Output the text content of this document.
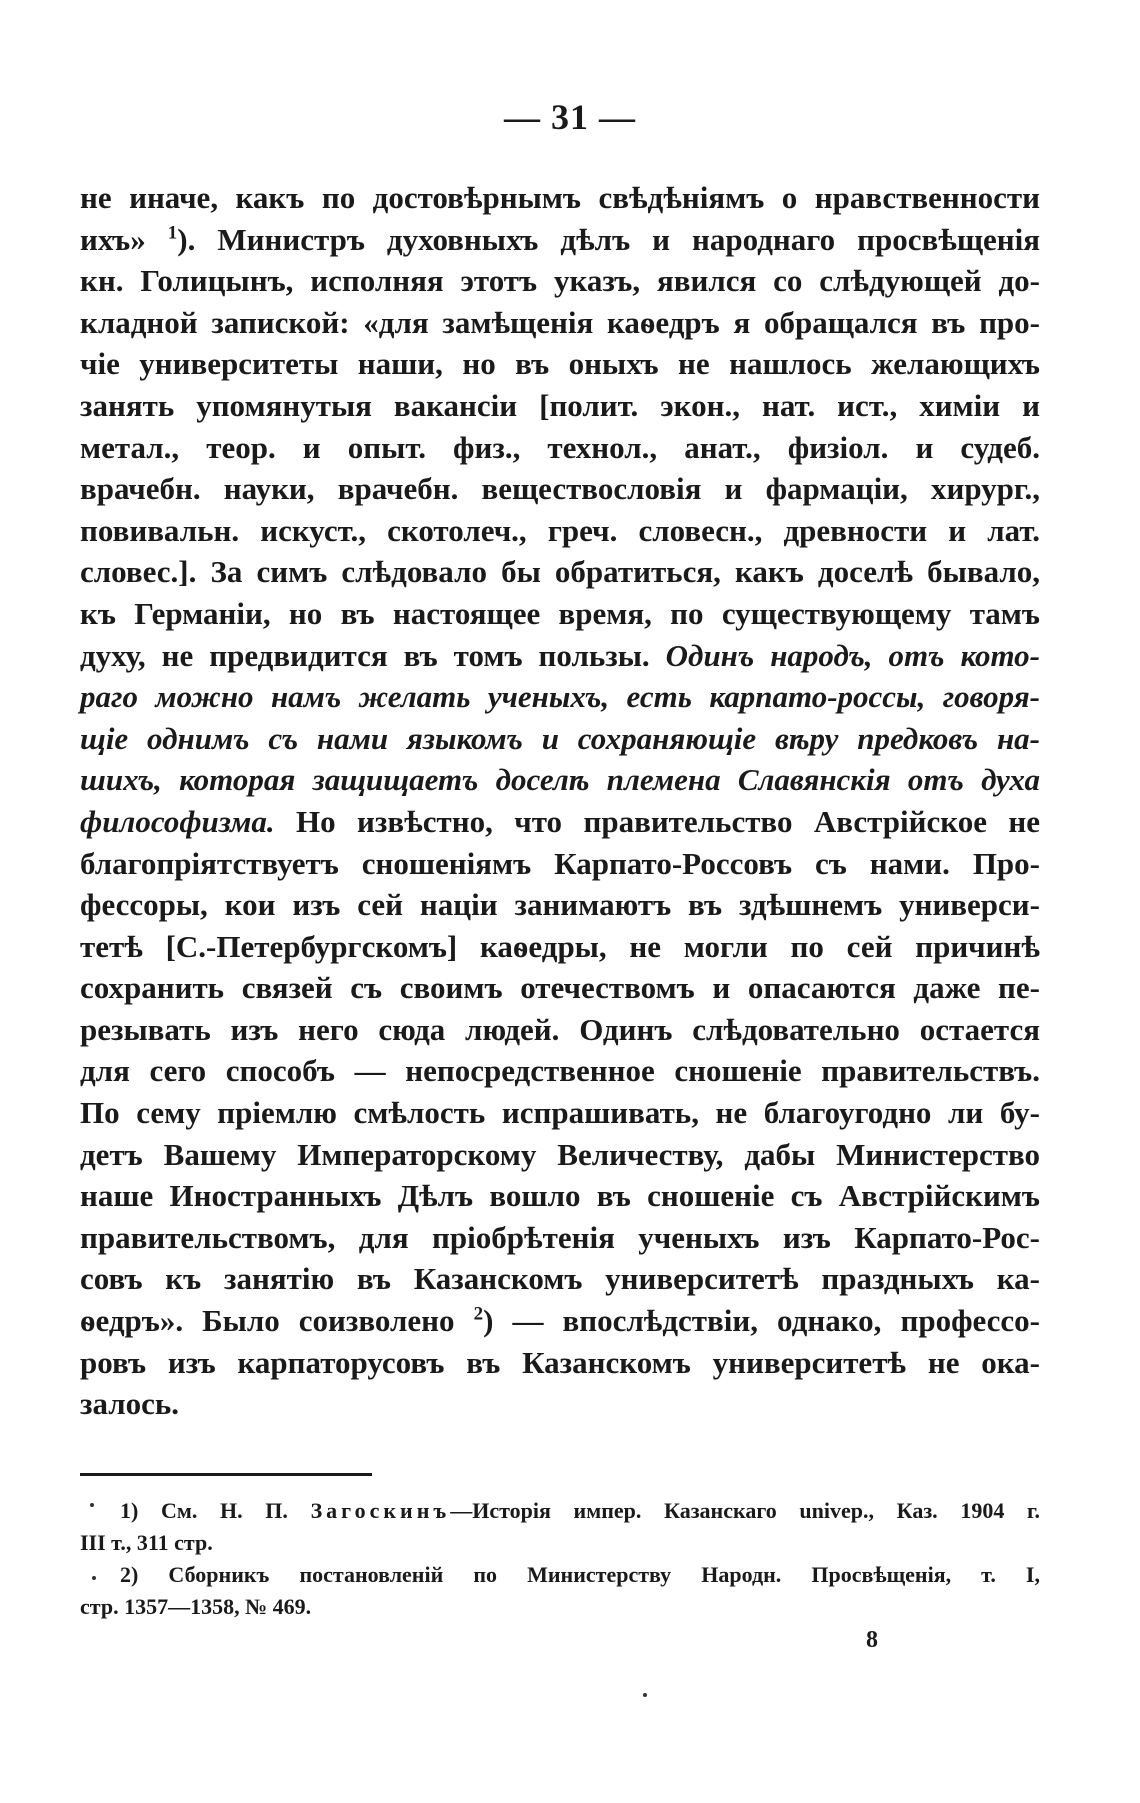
— 31 —
не иначе, какъ по достовѣрнымъ свѣдѣніямъ о нравственности
ихъ» $^1$). Министръ духовныхъ дѣлъ и народнаго просвѣщенія
кн. Голицынъ, исполняя этотъ указъ, явился со слѣдующей до-
кладной запиской: «для замѣщенія каѳедръ я обращался въ про-
чіе университеты наши, но въ оныхъ не нашлось желающихъ
занять упомянутыя вакансіи [полит. экон., нат. ист., химіи и
метал., теор. и опыт. физ., технол., анат., физіол. и судеб.
врачебн. науки, врачебн. веществословія и фармаціи, хирург.,
повивальн. искуст., скотолеч., греч. словесн., древности и лат.
словес.]. За симъ слѣдовало бы обратиться, какъ доселѣ бывало,
къ Германіи, но въ настоящее время, по существующему тамъ
духу, не предвидится въ томъ пользы. Одинъ народъ, отъ кото-
раго можно намъ желать ученыхъ, есть карпато-россы, говоря-
щіе однимъ съ нами языкомъ и сохраняющіе вѣру предковъ на-
шихъ, которая защищаетъ доселѣ племена Славянскія отъ духа
философизма. Но извѣстно, что правительство Австрійское не
благопріятствуетъ сношеніямъ Карпато-Россовъ съ нами. Про-
фессоры, кои изъ сей націи занимаютъ въ здѣшнемъ универси-
тетѣ [С.-Петербургскомъ] каѳедры, не могли по сей причинѣ
сохранить связей съ своимъ отечествомъ и опасаются даже пе-
резывать изъ него сюда людей. Одинъ слѣдовательно остается
для сего способъ — непосредственное сношеніе правительствъ.
По сему пріемлю смѣлость испрашивать, не благоугодно ли бу-
детъ Вашему Императорскому Величеству, дабы Министерство
наше Иностранныхъ Дѣлъ вошло въ сношеніе съ Австрійскимъ
правительствомъ, для пріобрѣтенія ученыхъ изъ Карпато-Рос-
совъ къ занятію въ Казанскомъ университетѣ праздныхъ ка-
ѳедръ». Было соизволено $^2$) — впослѣдствіи, однако, профессо-
ровъ изъ карпаторусовъ въ Казанскомъ университетѣ не ока-
залось.
1) См. Н. П. Загоскинъ—Исторія импер. Казанскаго univер., Каз. 1904 г.
III т., 311 стр.
2) Сборникъ постановленій по Министерству Народн. Просвѣщенія, т. I,
стр. 1357—1358, № 469.
8
